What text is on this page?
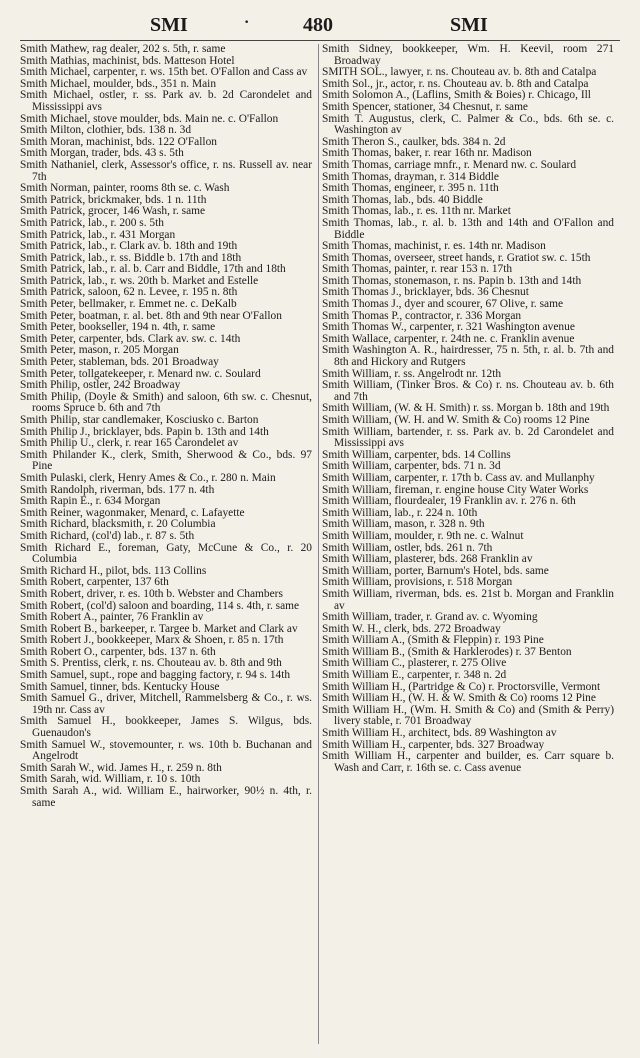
SMI	·	480	SMI

Smith Mathew, rag dealer, 202 s. 5th, r. same

Smith Mathias, machinist, bds. Matteson Hotel

Smith Michael, carpenter, r. ws. 15th bet. O'Fallon and Cass av

Smith Michael, moulder, bds., 351 n. Main

Smith Michael, ostler, r. ss. Park av. b. 2d Carondelet and Mississippi avs

Smith Michael, stove moulder, bds. Main ne. c. O'Fallon

Smith Milton, clothier, bds. 138 n. 3d

Smith Moran, machinist, bds. 122 O'Fallon

Smith Morgan, trader, bds. 43 s. 5th

Smith Nathaniel, clerk, Assessor's office, r. ns. Russell av. near 7th

Smith Norman, painter, rooms 8th se. c. Wash

Smith Patrick, brickmaker, bds. 1 n. 11th

Smith Patrick, grocer, 146 Wash, r. same

Smith Patrick, lab., r. 200 s. 5th

Smith Patrick, lab., r. 431 Morgan

Smith Patrick, lab., r. Clark av. b. 18th and 19th

Smith Patrick, lab., r. ss. Biddle b. 17th and 18th

Smith Patrick, lab., r. al. b. Carr and Biddle, 17th and 18th

Smith Patrick, lab., r. ws. 20th b. Market and Estelle

Smith Patrick, saloon, 62 n. Levee, r. 195 n. 8th

Smith Peter, bellmaker, r. Emmet ne. c. DeKalb

Smith Peter, boatman, r. al. bet. 8th and 9th near O'Fallon

Smith Peter, bookseller, 194 n. 4th, r. same

Smith Peter, carpenter, bds. Clark av. sw. c. 14th

Smith Peter, mason, r. 205 Morgan

Smith Peter, stableman, bds. 201 Broadway

Smith Peter, tollgatekeeper, r. Menard nw. c. Soulard

Smith Philip, ostler, 242 Broadway

Smith Philip, (Doyle & Smith) and saloon, 6th sw. c. Chesnut, rooms Spruce b. 6th and 7th

Smith Philip, star candlemaker, Kosciusko c. Barton

Smith Philip J., bricklayer, bds. Papin b. 13th and 14th

Smith Philip U., clerk, r. rear 165 Carondelet av

Smith Philander K., clerk, Smith, Sherwood & Co., bds. 97 Pine

Smith Pulaski, clerk, Henry Ames & Co., r. 280 n. Main

Smith Randolph, riverman, bds. 177 n. 4th

Smith Rapin E., r. 634 Morgan

Smith Reiner, wagonmaker, Menard, c. Lafayette

Smith Richard, blacksmith, r. 20 Columbia

Smith Richard, (col'd) lab., r. 87 s. 5th

Smith Richard E., foreman, Gaty, McCune & Co., r. 20 Columbia

Smith Richard H., pilot, bds. 113 Collins

Smith Robert, carpenter, 137 6th

Smith Robert, driver, r. es. 10th b. Webster and Chambers

Smith Robert, (col'd) saloon and boarding, 114 s. 4th, r. same

Smith Robert A., painter, 76 Franklin av

Smith Robert B., barkeeper, r. Targee b. Market and Clark av

Smith Robert J., bookkeeper, Marx & Shoen, r. 85 n. 17th

Smith Robert O., carpenter, bds. 137 n. 6th

Smith S. Prentiss, clerk, r. ns. Chouteau av. b. 8th and 9th

Smith Samuel, supt., rope and bagging factory, r. 94 s. 14th

Smith Samuel, tinner, bds. Kentucky House

Smith Samuel G., driver, Mitchell, Rammelsberg & Co., r. ws. 19th nr. Cass av

Smith Samuel H., bookkeeper, James S. Wilgus, bds. Guenaudon's

Smith Samuel W., stovemounter, r. ws. 10th b. Buchanan and Angelrodt

Smith Sarah W., wid. James H., r. 259 n. 8th

Smith Sarah, wid. William, r. 10 s. 10th

Smith Sarah A., wid. William E., hairworker, 90½ n. 4th, r. same

Smith Sidney, bookkeeper, Wm. H. Keevil, room 271 Broadway

SMITH SOL., lawyer, r. ns. Chouteau av. b. 8th and Catalpa

Smith Sol., jr., actor, r. ns. Chouteau av. b. 8th and Catalpa

Smith Solomon A., (Laflins, Smith & Boies) r. Chicago, Ill

Smith Spencer, stationer, 34 Chesnut, r. same

Smith T. Augustus, clerk, C. Palmer & Co., bds. 6th se. c. Washington av

Smith Theron S., caulker, bds. 384 n. 2d

Smith Thomas, baker, r. rear 16th nr. Madison

Smith Thomas, carriage mnfr., r. Menard nw. c. Soulard

Smith Thomas, drayman, r. 314 Biddle

Smith Thomas, engineer, r. 395 n. 11th

Smith Thomas, lab., bds. 40 Biddle

Smith Thomas, lab., r. es. 11th nr. Market

Smith Thomas, lab., r. al. b. 13th and 14th and O'Fallon and Biddle

Smith Thomas, machinist, r. es. 14th nr. Madison

Smith Thomas, overseer, street hands, r. Gratiot sw. c. 15th

Smith Thomas, painter, r. rear 153 n. 17th

Smith Thomas, stonemason, r. ns. Papin b. 13th and 14th

Smith Thomas J., bricklayer, bds. 36 Chesnut

Smith Thomas J., dyer and scourer, 67 Olive, r. same

Smith Thomas P., contractor, r. 336 Morgan

Smith Thomas W., carpenter, r. 321 Washington avenue

Smith Wallace, carpenter, r. 24th ne. c. Franklin avenue

Smith Washington A. R., hairdresser, 75 n. 5th, r. al. b. 7th and 8th and Hickory and Rutgers

Smith William, r. ss. Angelrodt nr. 12th

Smith William, (Tinker Bros. & Co) r. ns. Chouteau av. b. 6th and 7th

Smith William, (W. & H. Smith) r. ss. Morgan b. 18th and 19th

Smith William, (W. H. and W. Smith & Co) rooms 12 Pine

Smith William, bartender, r. ss. Park av. b. 2d Carondelet and Mississippi avs

Smith William, carpenter, bds. 14 Collins

Smith William, carpenter, bds. 71 n. 3d

Smith William, carpenter, r. 17th b. Cass av. and Mullanphy

Smith William, fireman, r. engine house City Water Works

Smith William, flourdealer, 19 Franklin av. r. 276 n. 6th

Smith William, lab., r. 224 n. 10th

Smith William, mason, r. 328 n. 9th

Smith William, moulder, r. 9th ne. c. Walnut

Smith William, ostler, bds. 261 n. 7th

Smith William, plasterer, bds. 268 Franklin av

Smith William, porter, Barnum's Hotel, bds. same

Smith William, provisions, r. 518 Morgan

Smith William, riverman, bds. es. 21st b. Morgan and Franklin av

Smith William, trader, r. Grand av. c. Wyoming

Smith W. H., clerk, bds. 272 Broadway

Smith William A., (Smith & Fleppin) r. 193 Pine

Smith William B., (Smith & Harklerodes) r. 37 Benton

Smith William C., plasterer, r. 275 Olive

Smith William E., carpenter, r. 348 n. 2d

Smith William H., (Partridge & Co) r. Proctorsville, Vermont

Smith William H., (W. H. & W. Smith & Co) rooms 12 Pine

Smith William H., (Wm. H. Smith & Co) and (Smith & Perry) livery stable, r. 701 Broadway

Smith William H., architect, bds. 89 Washington av

Smith William H., carpenter, bds. 327 Broadway

Smith William H., carpenter and builder, es. Carr square b. Wash and Carr, r. 16th se. c. Cass avenue
